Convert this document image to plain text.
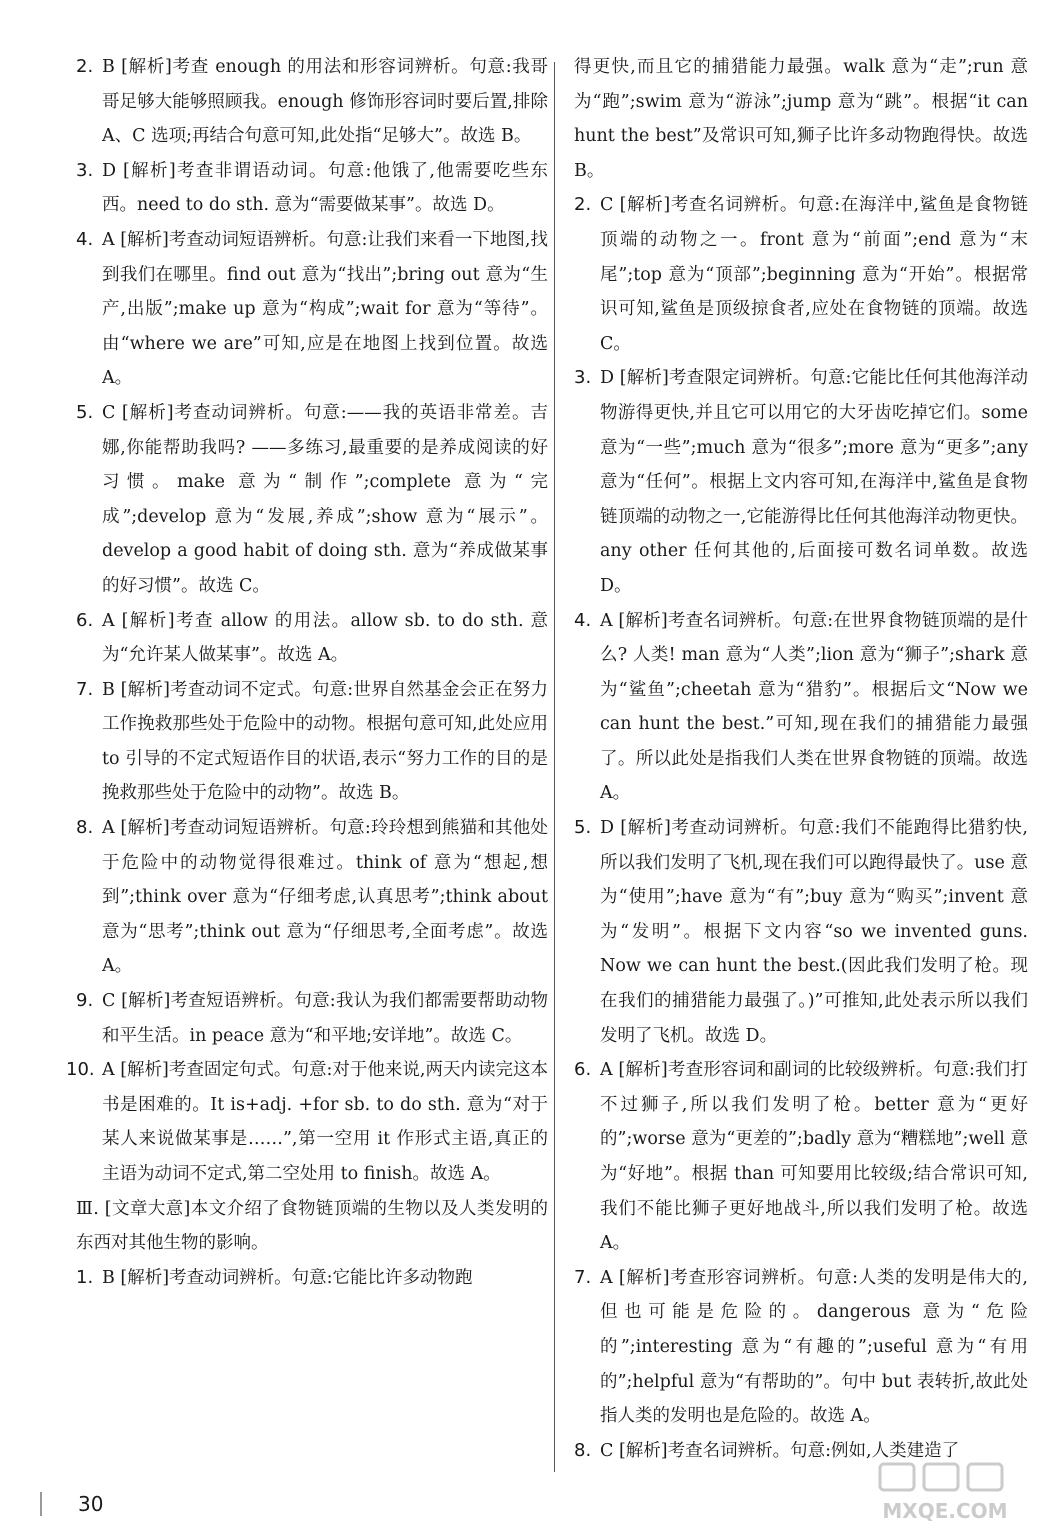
2. B [解析]考查 enough 的用法和形容词辨析。句意:我哥哥足够大能够照顾我。enough 修饰形容词时要后置,排除 A、C 选项;再结合句意可知,此处指“足够大”。故选 B。

3. D [解析]考查非谓语动词。句意:他饿了,他需要吃些东西。need to do sth. 意为“需要做某事”。故选 D。

4. A [解析]考查动词短语辨析。句意:让我们来看一下地图,找到我们在哪里。find out 意为“找出”;bring out 意为“生产,出版”;make up 意为“构成”;wait for 意为“等待”。由“where we are”可知,应是在地图上找到位置。故选 A。

5. C [解析]考查动词辨析。句意:——我的英语非常差。吉娜,你能帮助我吗? ——多练习,最重要的是养成阅读的好习惯。make 意为“制作”;complete 意为“完成”;develop 意为“发展,养成”;show 意为“展示”。develop a good habit of doing sth. 意为“养成做某事的好习惯”。故选 C。

6. A [解析]考查 allow 的用法。allow sb. to do sth. 意为“允许某人做某事”。故选 A。

7. B [解析]考查动词不定式。句意:世界自然基金会正在努力工作挽救那些处于危险中的动物。根据句意可知,此处应用 to 引导的不定式短语作目的状语,表示“努力工作的目的是挽救那些处于危险中的动物”。故选 B。

8. A [解析]考查动词短语辨析。句意:玲玲想到熊猫和其他处于危险中的动物觉得很难过。think of 意为“想起,想到”;think over 意为“仔细考虑,认真思考”;think about 意为“思考”;think out 意为“仔细思考,全面考虑”。故选 A。

9. C [解析]考查短语辨析。句意:我认为我们都需要帮助动物和平生活。in peace 意为“和平地;安详地”。故选 C。

10. A [解析]考查固定句式。句意:对于他来说,两天内读完这本书是困难的。It is+adj. +for sb. to do sth. 意为“对于某人来说做某事是……”,第一空用 it 作形式主语,真正的主语为动词不定式,第二空处用 to finish。故选 A。

Ⅲ. [文章大意]本文介绍了食物链顶端的生物以及人类发明的东西对其他生物的影响。

1. B [解析]考查动词辨析。句意:它能比许多动物跑

得更快,而且它的捕猎能力最强。walk 意为“走”;run 意为“跑”;swim 意为“游泳”;jump 意为“跳”。根据“it can hunt the best”及常识可知,狮子比许多动物跑得快。故选 B。

2. C [解析]考查名词辨析。句意:在海洋中,鲨鱼是食物链顶端的动物之一。front 意为“前面”;end 意为“末尾”;top 意为“顶部”;beginning 意为“开始”。根据常识可知,鲨鱼是顶级掠食者,应处在食物链的顶端。故选 C。

3. D [解析]考查限定词辨析。句意:它能比任何其他海洋动物游得更快,并且它可以用它的大牙齿吃掉它们。some 意为“一些”;much 意为“很多”;more 意为“更多”;any 意为“任何”。根据上文内容可知,在海洋中,鲨鱼是食物链顶端的动物之一,它能游得比任何其他海洋动物更快。any other 任何其他的,后面接可数名词单数。故选 D。

4. A [解析]考查名词辨析。句意:在世界食物链顶端的是什么? 人类! man 意为“人类”;lion 意为“狮子”;shark 意为“鲨鱼”;cheetah 意为“猎豹”。根据后文“Now we can hunt the best.”可知,现在我们的捕猎能力最强了。所以此处是指我们人类在世界食物链的顶端。故选 A。

5. D [解析]考查动词辨析。句意:我们不能跑得比猎豹快,所以我们发明了飞机,现在我们可以跑得最快了。use 意为“使用”;have 意为“有”;buy 意为“购买”;invent 意为“发明”。根据下文内容“so we invented guns. Now we can hunt the best.(因此我们发明了枪。现在我们的捕猎能力最强了。)”可推知,此处表示所以我们发明了飞机。故选 D。

6. A [解析]考查形容词和副词的比较级辨析。句意:我们打不过狮子,所以我们发明了枪。better 意为“更好的”;worse 意为“更差的”;badly 意为“糟糕地”;well 意为“好地”。根据 than 可知要用比较级;结合常识可知,我们不能比狮子更好地战斗,所以我们发明了枪。故选 A。

7. A [解析]考查形容词辨析。句意:人类的发明是伟大的,但也可能是危险的。dangerous 意为“危险的”;interesting 意为“有趣的”;useful 意为“有用的”;helpful 意为“有帮助的”。句中 but 表转折,故此处指人类的发明也是危险的。故选 A。

8. C [解析]考查名词辨析。句意:例如,人类建造了

30	MXQE.COM
